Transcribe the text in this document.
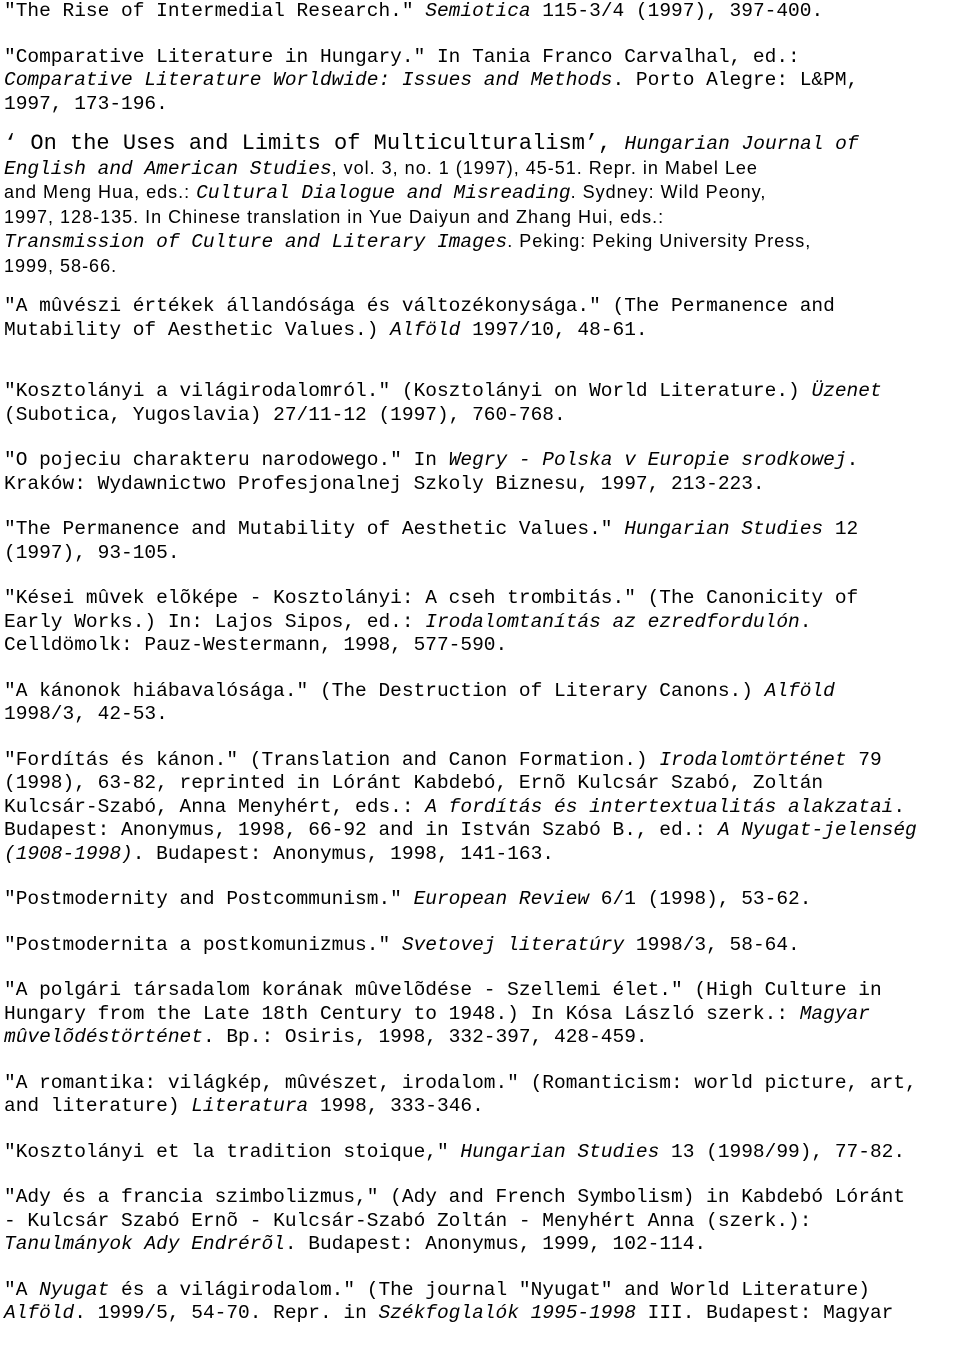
"The Rise of Intermedial Research." Semiotica 115-3/4 (1997), 397-400.

"Comparative Literature in Hungary." In Tania Franco Carvalhal, ed.:
Comparative Literature Worldwide: Issues and Methods. Porto Alegre: L&PM,
1997, 173-196.

‘ On the Uses and Limits of Multiculturalism’, Hungarian Journal of
English and American Studies, vol. 3, no. 1 (1997), 45-51. Repr. in Mabel Lee
and Meng Hua, eds.: Cultural Dialogue and Misreading. Sydney: Wild Peony,
1997, 128-135. In Chinese translation in Yue Daiyun and Zhang Hui, eds.:
Transmission of Culture and Literary Images. Peking: Peking University Press,
1999, 58-66.

"A mûvészi értékek állandósága és változékonysága." (The Permanence and
Mutability of Aesthetic Values.) Alföld 1997/10, 48-61.

"Kosztolányi a világirodalomról." (Kosztolányi on World Literature.) Üzenet
(Subotica, Yugoslavia) 27/11-12 (1997), 760-768.

"O pojeciu charakteru narodowego." In Wegry - Polska v Europie srodkowej.
Kraków: Wydawnictwo Profesjonalnej Szkoly Biznesu, 1997, 213-223.

"The Permanence and Mutability of Aesthetic Values." Hungarian Studies 12
(1997), 93-105.

"Kései mûvek elõképe - Kosztolányi: A cseh trombitás." (The Canonicity of
Early Works.) In: Lajos Sipos, ed.: Irodalomtanítás az ezredfordulón.
Celldömolk: Pauz-Westermann, 1998, 577-590.

"A kánonok hiábavalósága." (The Destruction of Literary Canons.) Alföld
1998/3, 42-53.

"Fordítás és kánon." (Translation and Canon Formation.) Irodalomtörténet 79
(1998), 63-82, reprinted in Lóránt Kabdebó, Ernõ Kulcsár Szabó, Zoltán
Kulcsár-Szabó, Anna Menyhért, eds.: A fordítás és intertextualitás alakzatai.
Budapest: Anonymus, 1998, 66-92 and in István Szabó B., ed.: A Nyugat-jelenség
(1908-1998). Budapest: Anonymus, 1998, 141-163.

"Postmodernity and Postcommunism." European Review 6/1 (1998), 53-62.

"Postmodernita a postkomunizmus." Svetovej literatúry 1998/3, 58-64.

"A polgári társadalom korának mûvelõdése - Szellemi élet." (High Culture in
Hungary from the Late 18th Century to 1948.) In Kósa László szerk.: Magyar
mûvelõdéstörténet. Bp.: Osiris, 1998, 332-397, 428-459.

"A romantika: világkép, mûvészet, irodalom." (Romanticism: world picture, art,
and literature) Literatura 1998, 333-346.

"Kosztolányi et la tradition stoique," Hungarian Studies 13 (1998/99), 77-82.

"Ady és a francia szimbolizmus," (Ady and French Symbolism) in Kabdebó Lóránt
- Kulcsár Szabó Ernõ - Kulcsár-Szabó Zoltán - Menyhért Anna (szerk.):
Tanulmányok Ady Endrérõl. Budapest: Anonymus, 1999, 102-114.

"A Nyugat és a világirodalom." (The journal "Nyugat" and World Literature)
Alföld. 1999/5, 54-70. Repr. in Székfoglalók 1995-1998 III. Budapest: Magyar
